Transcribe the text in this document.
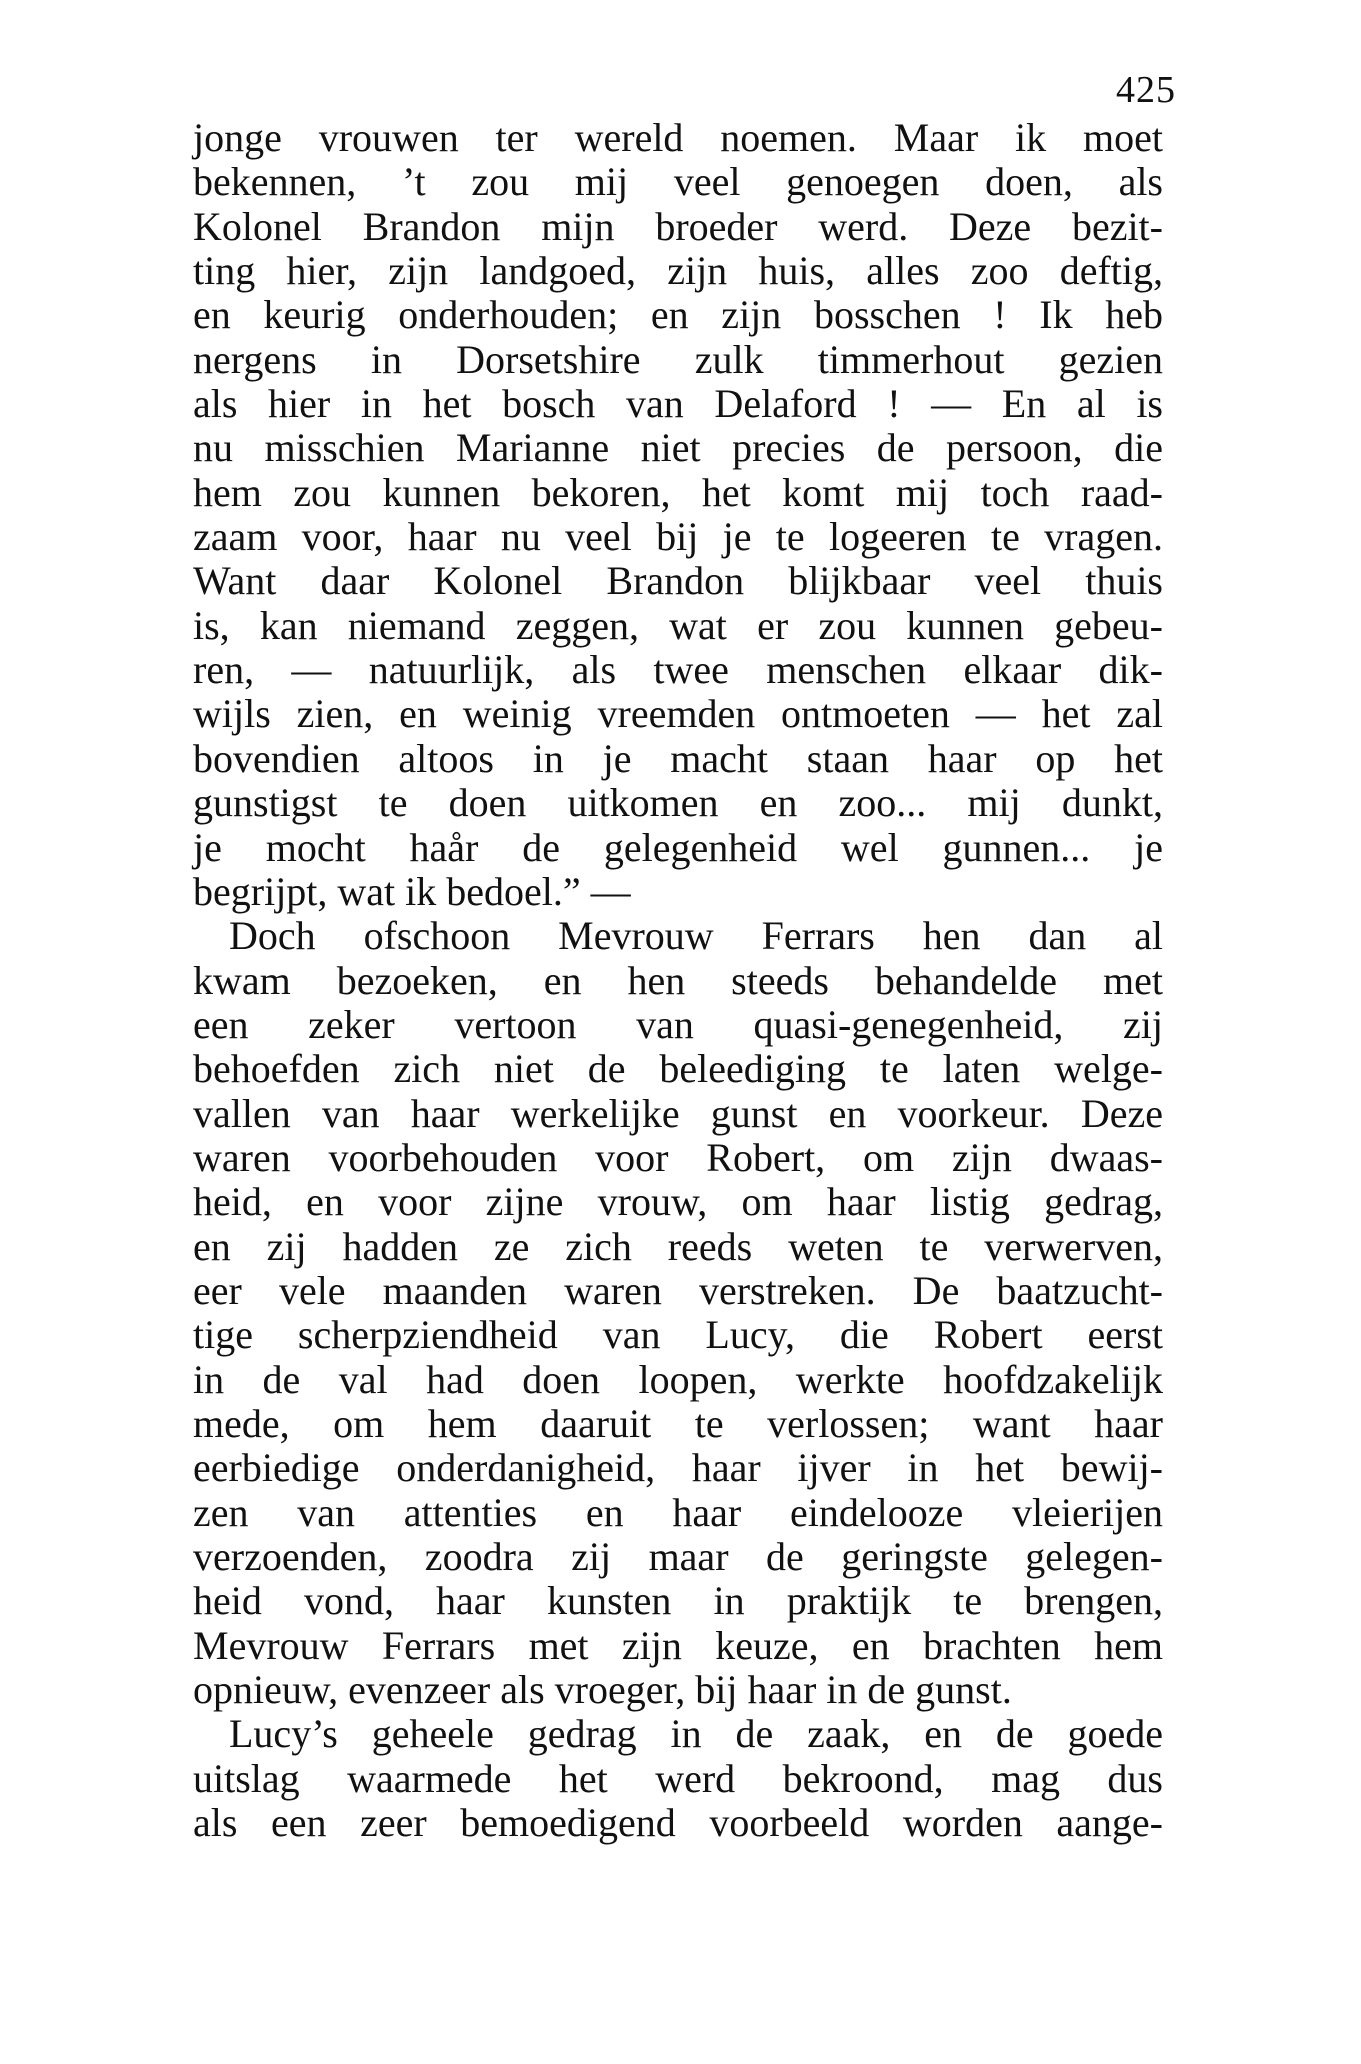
425
jonge vrouwen ter wereld noemen. Maar ik moet
bekennen, ’t zou mij veel genoegen doen, als
Kolonel Brandon mijn broeder werd. Deze bezit-
ting hier, zijn landgoed, zijn huis, alles zoo deftig,
en keurig onderhouden; en zijn bosschen ! Ik heb
nergens in Dorsetshire zulk timmerhout gezien
als hier in het bosch van Delaford ! — En al is
nu misschien Marianne niet precies de persoon, die
hem zou kunnen bekoren, het komt mij toch raad-
zaam voor, haar nu veel bij je te logeeren te vragen.
Want daar Kolonel Brandon blijkbaar veel thuis
is, kan niemand zeggen, wat er zou kunnen gebeu-
ren, — natuurlijk, als twee menschen elkaar dik-
wijls zien, en weinig vreemden ontmoeten — het zal
bovendien altoos in je macht staan haar op het
gunstigst te doen uitkomen en zoo... mij dunkt,
je mocht haår de gelegenheid wel gunnen... je
begrijpt, wat ik bedoel.” —
Doch ofschoon Mevrouw Ferrars hen dan al
kwam bezoeken, en hen steeds behandelde met
een zeker vertoon van quasi-genegenheid, zij
behoefden zich niet de beleediging te laten welge-
vallen van haar werkelijke gunst en voorkeur. Deze
waren voorbehouden voor Robert, om zijn dwaas-
heid, en voor zijne vrouw, om haar listig gedrag,
en zij hadden ze zich reeds weten te verwerven,
eer vele maanden waren verstreken. De baatzucht-
tige scherpziendheid van Lucy, die Robert eerst
in de val had doen loopen, werkte hoofdzakelijk
mede, om hem daaruit te verlossen; want haar
eerbiedige onderdanigheid, haar ijver in het bewij-
zen van attenties en haar eindelooze vleierijen
verzoenden, zoodra zij maar de geringste gelegen-
heid vond, haar kunsten in praktijk te brengen,
Mevrouw Ferrars met zijn keuze, en brachten hem
opnieuw, evenzeer als vroeger, bij haar in de gunst.
Lucy’s geheele gedrag in de zaak, en de goede
uitslag waarmede het werd bekroond, mag dus
als een zeer bemoedigend voorbeeld worden aange-
